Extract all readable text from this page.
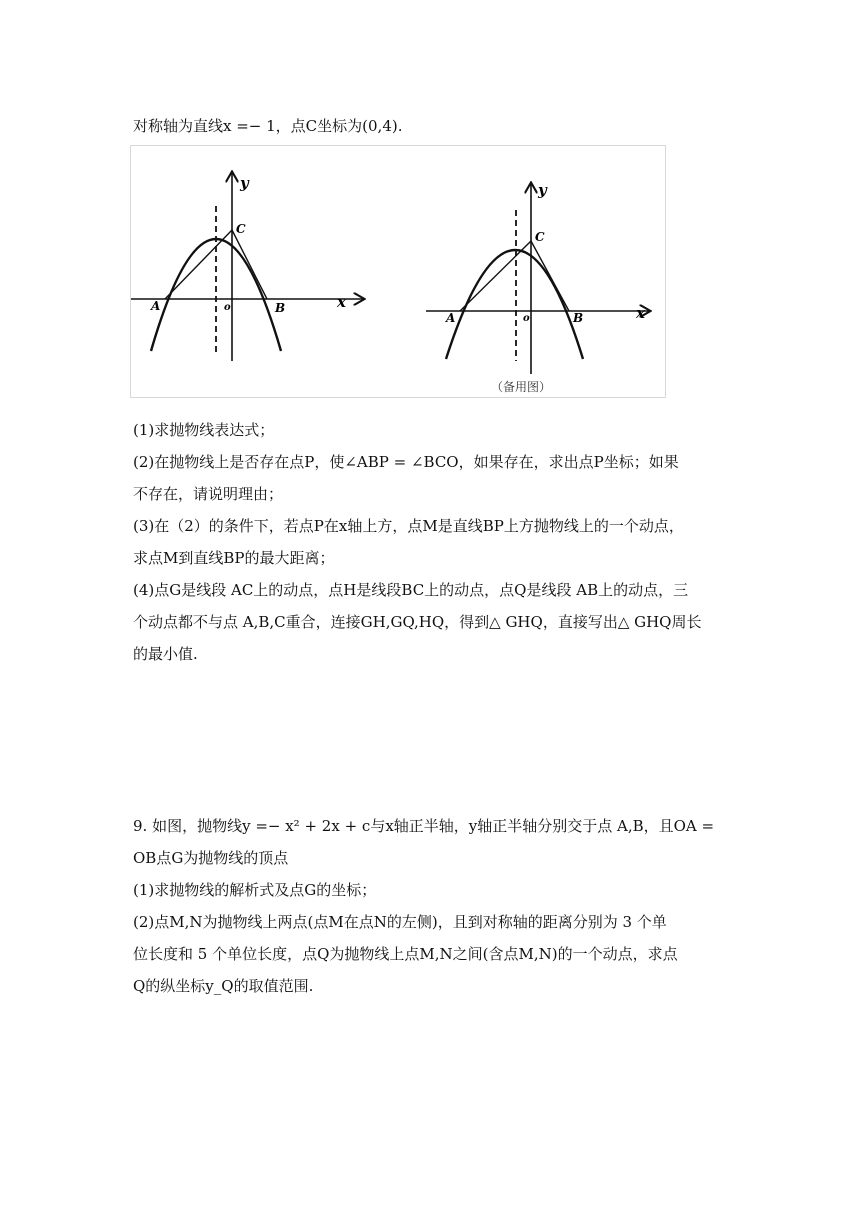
对称轴为直线x =− 1，点C坐标为(0,4).
y
x
C
A	B
o
y
x
C
A	B
o
（备用图）
(1)求抛物线表达式；
(2)在抛物线上是否存在点P，使∠ABP = ∠BCO，如果存在，求出点P坐标；如果
不存在，请说明理由；
(3)在（2）的条件下，若点P在x轴上方，点M是直线BP上方抛物线上的一个动点，
求点M到直线BP的最大距离；
(4)点G是线段 AC上的动点，点H是线段BC上的动点，点Q是线段 AB上的动点，三
个动点都不与点 A,B,C重合，连接GH,GQ,HQ，得到△ GHQ，直接写出△ GHQ周长
的最小值.
9. 如图，抛物线y =− x² + 2x + c与x轴正半轴，y轴正半轴分别交于点 A,B，且OA =
OB点G为抛物线的顶点
(1)求抛物线的解析式及点G的坐标；
(2)点M,N为抛物线上两点(点M在点N的左侧)，且到对称轴的距离分别为 3 个单
位长度和 5 个单位长度，点Q为抛物线上点M,N之间(含点M,N)的一个动点，求点
Q的纵坐标y_Q的取值范围.
